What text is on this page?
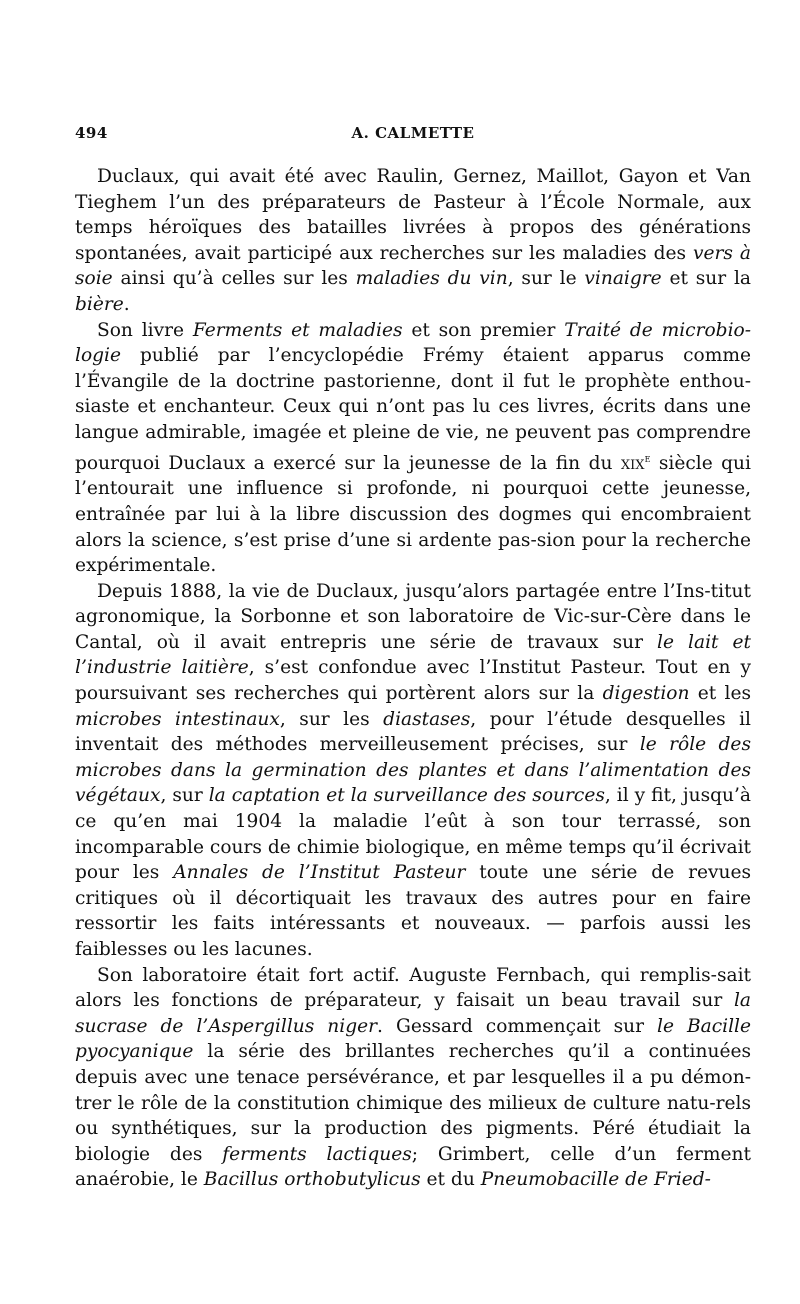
494	A. CALMETTE

Duclaux, qui avait été avec Raulin, Gernez, Maillot, Gayon et Van Tieghem l’un des préparateurs de Pasteur à l’École Normale, aux temps héroïques des batailles livrées à propos des générations spontanées, avait participé aux recherches sur les maladies des vers à soie ainsi qu’à celles sur les maladies du vin, sur le vinaigre et sur la bière.

Son livre Ferments et maladies et son premier Traité de microbio-logie publié par l’encyclopédie Frémy étaient apparus comme l’Évangile de la doctrine pastorienne, dont il fut le prophète enthou-siaste et enchanteur. Ceux qui n’ont pas lu ces livres, écrits dans une langue admirable, imagée et pleine de vie, ne peuvent pas comprendre pourquoi Duclaux a exercé sur la jeunesse de la fin du xix$^e$ siècle qui l’entourait une influence si profonde, ni pourquoi cette jeunesse, entraînée par lui à la libre discussion des dogmes qui encombraient alors la science, s’est prise d’une si ardente pas-sion pour la recherche expérimentale.

Depuis 1888, la vie de Duclaux, jusqu’alors partagée entre l’Ins-titut agronomique, la Sorbonne et son laboratoire de Vic-sur-Cère dans le Cantal, où il avait entrepris une série de travaux sur le lait et l’industrie laitière, s’est confondue avec l’Institut Pasteur. Tout en y poursuivant ses recherches qui portèrent alors sur la digestion et les microbes intestinaux, sur les diastases, pour l’étude desquelles il inventait des méthodes merveilleusement précises, sur le rôle des microbes dans la germination des plantes et dans l’alimentation des végétaux, sur la captation et la surveillance des sources, il y fit, jusqu’à ce qu’en mai 1904 la maladie l’eût à son tour terrassé, son incomparable cours de chimie biologique, en même temps qu’il écrivait pour les Annales de l’Institut Pasteur toute une série de revues critiques où il décortiquait les travaux des autres pour en faire ressortir les faits intéressants et nouveaux. — parfois aussi les faiblesses ou les lacunes.

Son laboratoire était fort actif. Auguste Fernbach, qui remplis-sait alors les fonctions de préparateur, y faisait un beau travail sur la sucrase de l’Aspergillus niger. Gessard commençait sur le Bacille pyocyanique la série des brillantes recherches qu’il a continuées depuis avec une tenace persévérance, et par lesquelles il a pu démon-trer le rôle de la constitution chimique des milieux de culture natu-rels ou synthétiques, sur la production des pigments. Péré étudiait la biologie des ferments lactiques; Grimbert, celle d’un ferment anaérobie, le Bacillus orthobutylicus et du Pneumobacille de Fried-
